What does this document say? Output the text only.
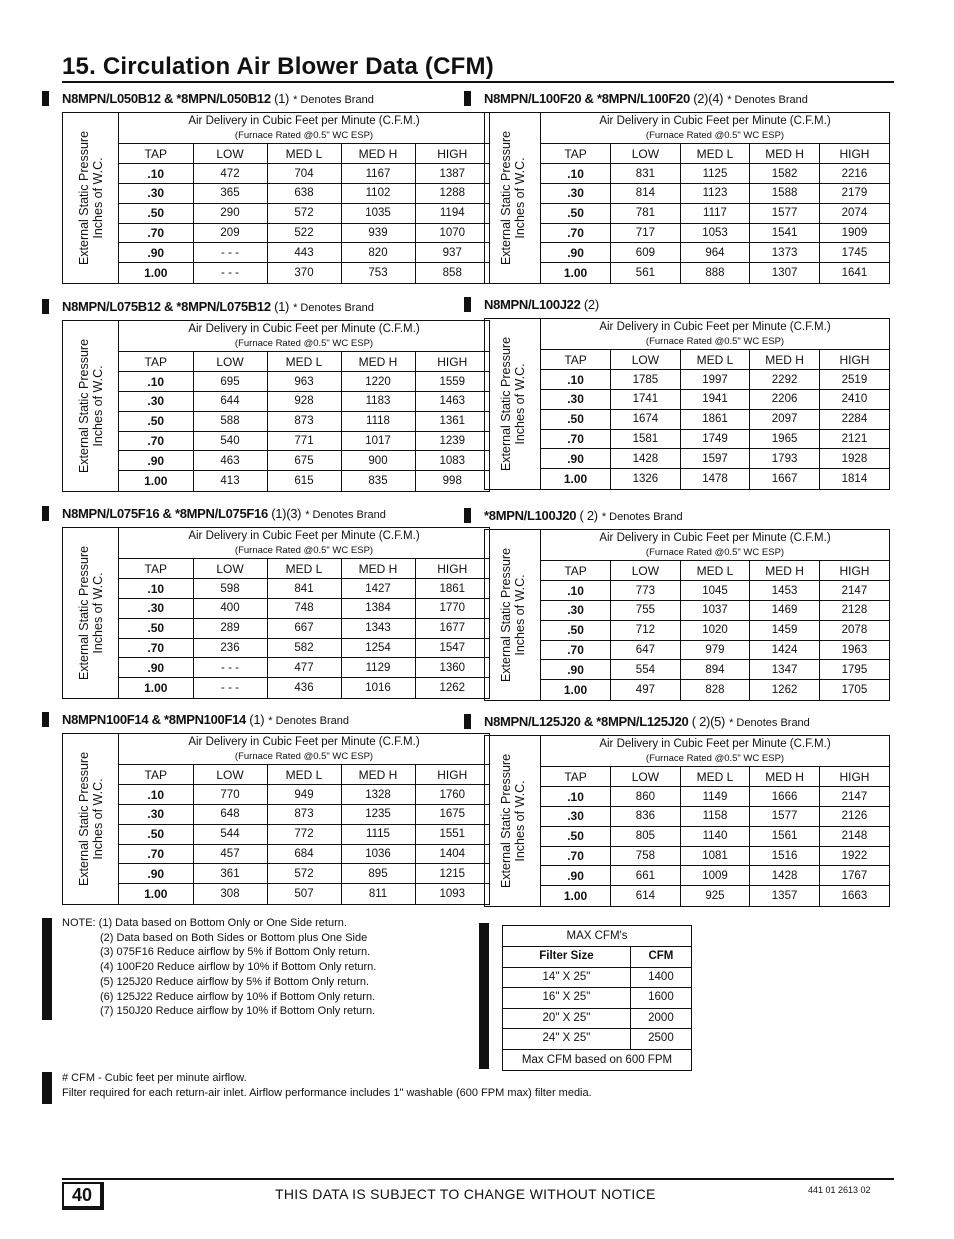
15. Circulation Air Blower Data (CFM)
N8MPN/L050B12 & *8MPN/L050B12 (1) * Denotes Brand
External Static Pressure Inches of W.C.
Air Delivery in Cubic Feet per Minute (C.F.M.)
(Furnace Rated @0.5" WC ESP)
TAP	LOW	MED L	MED H	HIGH
.10	472	704	1167	1387
.30	365	638	1102	1288
.50	290	572	1035	1194
.70	209	522	939	1070
.90	- - -	443	820	937
1.00	- - -	370	753	858
N8MPN/L100F20 & *8MPN/L100F20 (2)(4) * Denotes Brand
External Static Pressure Inches of W.C.
Air Delivery in Cubic Feet per Minute (C.F.M.)
(Furnace Rated @0.5" WC ESP)
TAP	LOW	MED L	MED H	HIGH
.10	831	1125	1582	2216
.30	814	1123	1588	2179
.50	781	1117	1577	2074
.70	717	1053	1541	1909
.90	609	964	1373	1745
1.00	561	888	1307	1641
N8MPN/L075B12 & *8MPN/L075B12 (1) * Denotes Brand
External Static Pressure Inches of W.C.
Air Delivery in Cubic Feet per Minute (C.F.M.)
(Furnace Rated @0.5" WC ESP)
TAP	LOW	MED L	MED H	HIGH
.10	695	963	1220	1559
.30	644	928	1183	1463
.50	588	873	1118	1361
.70	540	771	1017	1239
.90	463	675	900	1083
1.00	413	615	835	998
N8MPN/L100J22 (2)
External Static Pressure Inches of W.C.
Air Delivery in Cubic Feet per Minute (C.F.M.)
(Furnace Rated @0.5" WC ESP)
TAP	LOW	MED L	MED H	HIGH
.10	1785	1997	2292	2519
.30	1741	1941	2206	2410
.50	1674	1861	2097	2284
.70	1581	1749	1965	2121
.90	1428	1597	1793	1928
1.00	1326	1478	1667	1814
N8MPN/L075F16 & *8MPN/L075F16 (1)(3) * Denotes Brand
External Static Pressure Inches of W.C.
Air Delivery in Cubic Feet per Minute (C.F.M.)
(Furnace Rated @0.5" WC ESP)
TAP	LOW	MED L	MED H	HIGH
.10	598	841	1427	1861
.30	400	748	1384	1770
.50	289	667	1343	1677
.70	236	582	1254	1547
.90	- - -	477	1129	1360
1.00	- - -	436	1016	1262
*8MPN/L100J20 ( 2) * Denotes Brand
External Static Pressure Inches of W.C.
Air Delivery in Cubic Feet per Minute (C.F.M.)
(Furnace Rated @0.5" WC ESP)
TAP	LOW	MED L	MED H	HIGH
.10	773	1045	1453	2147
.30	755	1037	1469	2128
.50	712	1020	1459	2078
.70	647	979	1424	1963
.90	554	894	1347	1795
1.00	497	828	1262	1705
N8MPN100F14 & *8MPN100F14 (1) * Denotes Brand
External Static Pressure Inches of W.C.
Air Delivery in Cubic Feet per Minute (C.F.M.)
(Furnace Rated @0.5" WC ESP)
TAP	LOW	MED L	MED H	HIGH
.10	770	949	1328	1760
.30	648	873	1235	1675
.50	544	772	1115	1551
.70	457	684	1036	1404
.90	361	572	895	1215
1.00	308	507	811	1093
N8MPN/L125J20 & *8MPN/L125J20 ( 2)(5) * Denotes Brand
External Static Pressure Inches of W.C.
Air Delivery in Cubic Feet per Minute (C.F.M.)
(Furnace Rated @0.5" WC ESP)
TAP	LOW	MED L	MED H	HIGH
.10	860	1149	1666	2147
.30	836	1158	1577	2126
.50	805	1140	1561	2148
.70	758	1081	1516	1922
.90	661	1009	1428	1767
1.00	614	925	1357	1663
NOTE: (1) Data based on Bottom Only or One Side return.
(2) Data based on Both Sides or Bottom plus One Side
(3) 075F16 Reduce airflow by 5% if Bottom Only return.
(4) 100F20 Reduce airflow by 10% if Bottom Only return.
(5) 125J20 Reduce airflow by 5% if Bottom Only return.
(6) 125J22 Reduce airflow by 10% if Bottom Only return.
(7) 150J20 Reduce airflow by 10% if Bottom Only return.
MAX CFM's
Filter Size	CFM
14" X 25"	1400
16" X 25"	1600
20" X 25"	2000
24" X 25"	2500
Max CFM based on 600 FPM
# CFM - Cubic feet per minute airflow.
Filter required for each return-air inlet. Airflow performance includes 1" washable (600 FPM max) filter media.
40	THIS DATA IS SUBJECT TO CHANGE WITHOUT NOTICE	441 01 2613 02
